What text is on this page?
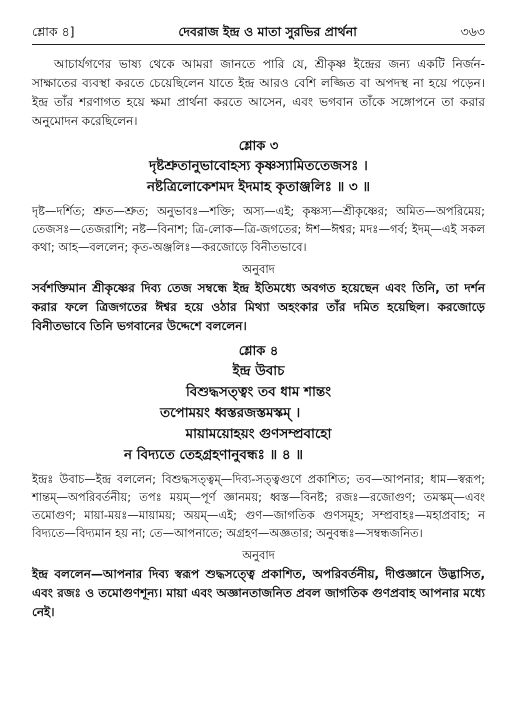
শ্লোক ৪]	দেবরাজ ইন্দ্র ও মাতা সুরভির প্রার্থনা	৩৬৩

আচার্যগণের ভাষ্য থেকে আমরা জানতে পারি যে, শ্রীকৃষ্ণ ইন্দ্রের জন্য একটি নির্জন-সাক্ষাতের ব্যবস্থা করতে চেয়েছিলেন যাতে ইন্দ্র আরও বেশি লজ্জিত বা অপদস্থ না হয়ে পড়েন। ইন্দ্র তাঁর শরণাগত হয়ে ক্ষমা প্রার্থনা করতে আসেন, এবং ভগবান তাঁকে সঙ্গোপনে তা করার অনুমোদন করেছিলেন।

শ্লোক ৩
দৃষ্টশ্রুতানুভাবোহস্য কৃষ্ণস্যামিততেজসঃ ।
নষ্টত্রিলোকেশমদ ইদমাহ কৃতাঞ্জলিঃ ॥ ৩ ॥

দৃষ্ট—দর্শিত; শ্রুত—শ্রুত; অনুভাবঃ—শক্তি; অস্য—এই; কৃষ্ণস্য—শ্রীকৃষ্ণের; অমিত—অপরিমেয়; তেজসঃ—তেজরাশি; নষ্ট—বিনাশ; ত্রি-লোক—ত্রি-জগতের; ঈশ—ঈশ্বর; মদঃ—গর্ব; ইদম্—এই সকল কথা; আহ—বললেন; কৃত-অঞ্জলিঃ—করজোড়ে বিনীতভাবে।

অনুবাদ

সর্বশক্তিমান শ্রীকৃষ্ণের দিব্য তেজ সম্বন্ধে ইন্দ্র ইতিমধ্যে অবগত হয়েছেন এবং তিনি, তা দর্শন করার ফলে ত্রিজগতের ঈশ্বর হয়ে ওঠার মিথ্যা অহংকার তাঁর দমিত হয়েছিল। করজোড়ে বিনীতভাবে তিনি ভগবানের উদ্দেশে বললেন।

শ্লোক ৪
ইন্দ্র উবাচ
বিশুদ্ধসত্ত্বং তব ধাম শান্তং
তপোময়ং ধ্বস্তরজস্তমস্কম্ ।
মায়াময়োহয়ং গুণসম্প্রবাহো
ন বিদ্যতে তেহগ্রহণানুবন্ধঃ ॥ ৪ ॥

ইন্দ্রঃ উবাচ—ইন্দ্র বললেন; বিশুদ্ধসত্ত্বম্—দিব্য-সত্ত্বগুণে প্রকাশিত; তব—আপনার; ধাম—স্বরূপ; শান্তম্—অপরিবর্তনীয়; তপঃ ময়ম্—পূর্ণ জ্ঞানময়; ধ্বস্ত—বিনষ্ট; রজঃ—রজোগুণ; তমস্কম্—এবং তমোগুণ; মায়া-ময়ঃ—মায়াময়; অয়ম্—এই; গুণ—জাগতিক গুণসমূহ; সম্প্রবাহঃ—মহাপ্রবাহ; ন বিদ্যতে—বিদ্যমান হয় না; তে—আপনাতে; অগ্রহণ—অজ্ঞতার; অনুবন্ধঃ—সম্বন্ধজনিত।

অনুবাদ

ইন্দ্র বললেন—আপনার দিব্য স্বরূপ শুদ্ধসত্ত্বে প্রকাশিত, অপরিবর্তনীয়, দীপ্তজ্ঞানে উদ্ভাসিত, এবং রজঃ ও তমোগুণশূন্য। মায়া এবং অজ্ঞানতাজনিত প্রবল জাগতিক গুণপ্রবাহ আপনার মধ্যে নেই।
